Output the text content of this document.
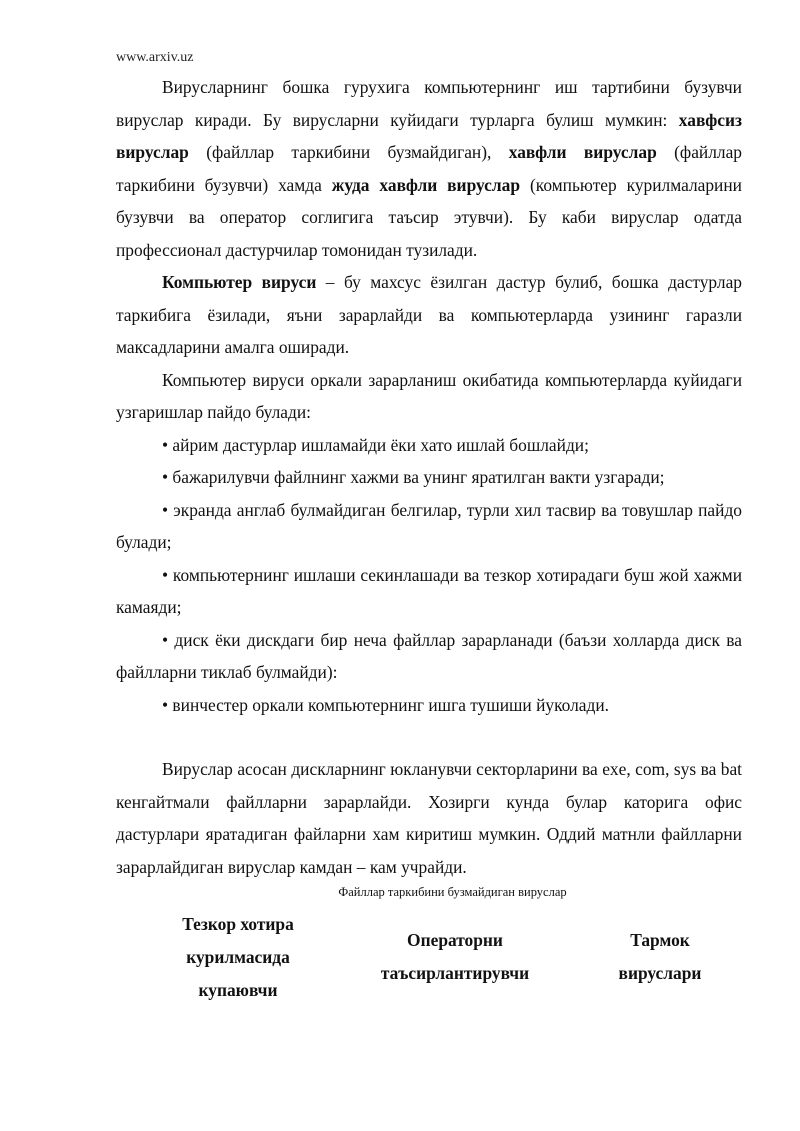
www.arxiv.uz

Вирусларнинг бошка гурухига компьютернинг иш тартибини бузувчи вируслар киради. Бу вирусларни куйидаги турларга булиш мумкин: хавфсиз вируслар (файллар таркибини бузмайдиган), хавфли вируслар (файллар таркибини бузувчи) хамда жуда хавфли вируслар (компьютер курилмаларини бузувчи ва оператор соглигига таъсир этувчи). Бу каби вируслар одатда профессионал дастурчилар томонидан тузилади.

Компьютер вируси – бу махсус ёзилган дастур булиб, бошка дастурлар таркибига ёзилади, яъни зарарлайди ва компьютерларда узининг гаразли максадларини амалга оширади.

Компьютер вируси оркали зарарланиш окибатида компьютерларда куйидаги узгаришлар пайдо булади:

• айрим дастурлар ишламайди ёки хато ишлай бошлайди;

• бажарилувчи файлнинг хажми ва унинг яратилган вакти узгаради;

• экранда англаб булмайдиган белгилар, турли хил тасвир ва товушлар пайдо булади;

• компьютернинг ишлаши секинлашади ва тезкор хотирадаги буш жой хажми камаяди;

• диск ёки дискдаги бир неча файллар зарарланади (баъзи холларда диск ва файлларни тиклаб булмайди):

• винчестер оркали компьютернинг ишга тушиши йуколади.

Вируслар асосан дискларнинг юкланувчи секторларини ва exe, com, sys ва bat кенгайтмали файлларни зарарлайди. Хозирги кунда булар каторига офис дастурлари яратадиган файларни хам киритиш мумкин. Оддий матнли файлларни зарарлайдиган вируслар камдан – кам учрайди.

Файллар таркибини бузмайдиган вируслар
Тезкор хотира
курилмасида
купаювчи
Операторни
таъсирлантирувчи
Тармок
вируслари
